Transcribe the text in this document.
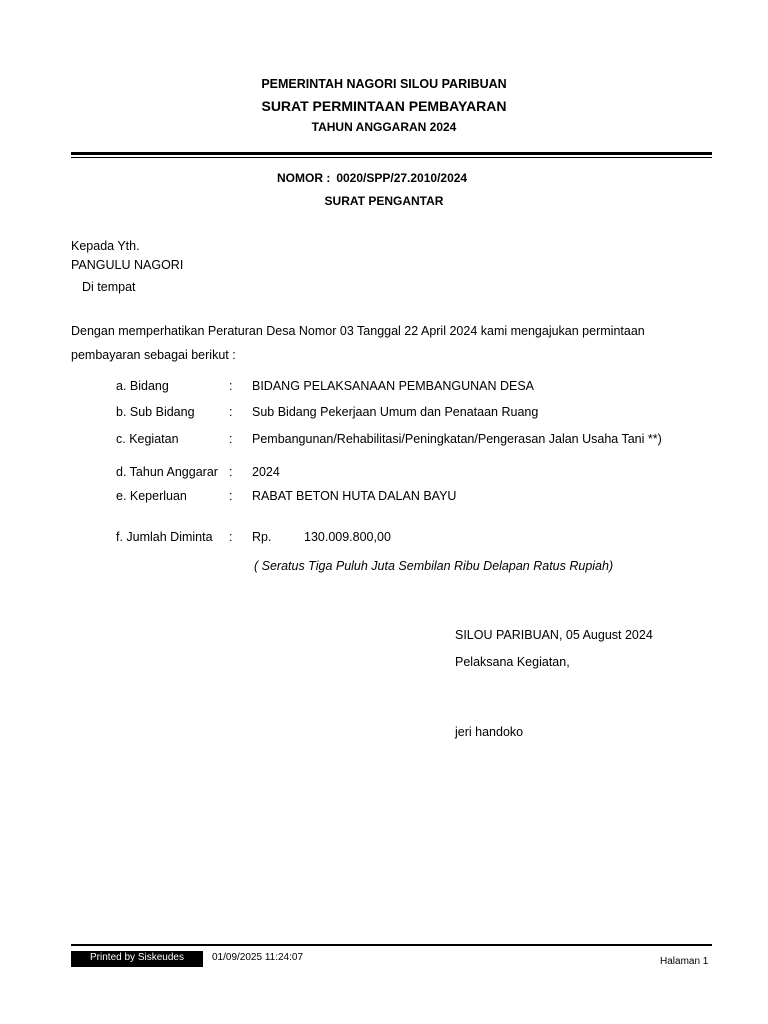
PEMERINTAH NAGORI SILOU PARIBUAN
SURAT PERMINTAAN PEMBAYARAN
TAHUN ANGGARAN 2024
NOMOR : 0020/SPP/27.2010/2024
SURAT PENGANTAR
Kepada Yth.
PANGULU NAGORI
Di tempat
Dengan memperhatikan Peraturan Desa Nomor 03 Tanggal 22 April 2024 kami mengajukan permintaan
pembayaran sebagai berikut :
a. Bidang	: BIDANG PELAKSANAAN PEMBANGUNAN DESA
b. Sub Bidang	: Sub Bidang Pekerjaan Umum dan Penataan Ruang
c. Kegiatan	: Pembangunan/Rehabilitasi/Peningkatan/Pengerasan Jalan Usaha Tani **)
d. Tahun Anggarar : 2024
e. Keperluan	: RABAT BETON HUTA DALAN BAYU
f. Jumlah Diminta : Rp.	130.009.800,00
( Seratus Tiga Puluh Juta Sembilan Ribu Delapan Ratus Rupiah)
SILOU PARIBUAN, 05 August 2024
Pelaksana Kegiatan,
jeri handoko
Printed by Siskeudes	01/09/2025 11:24:07	Halaman 1
